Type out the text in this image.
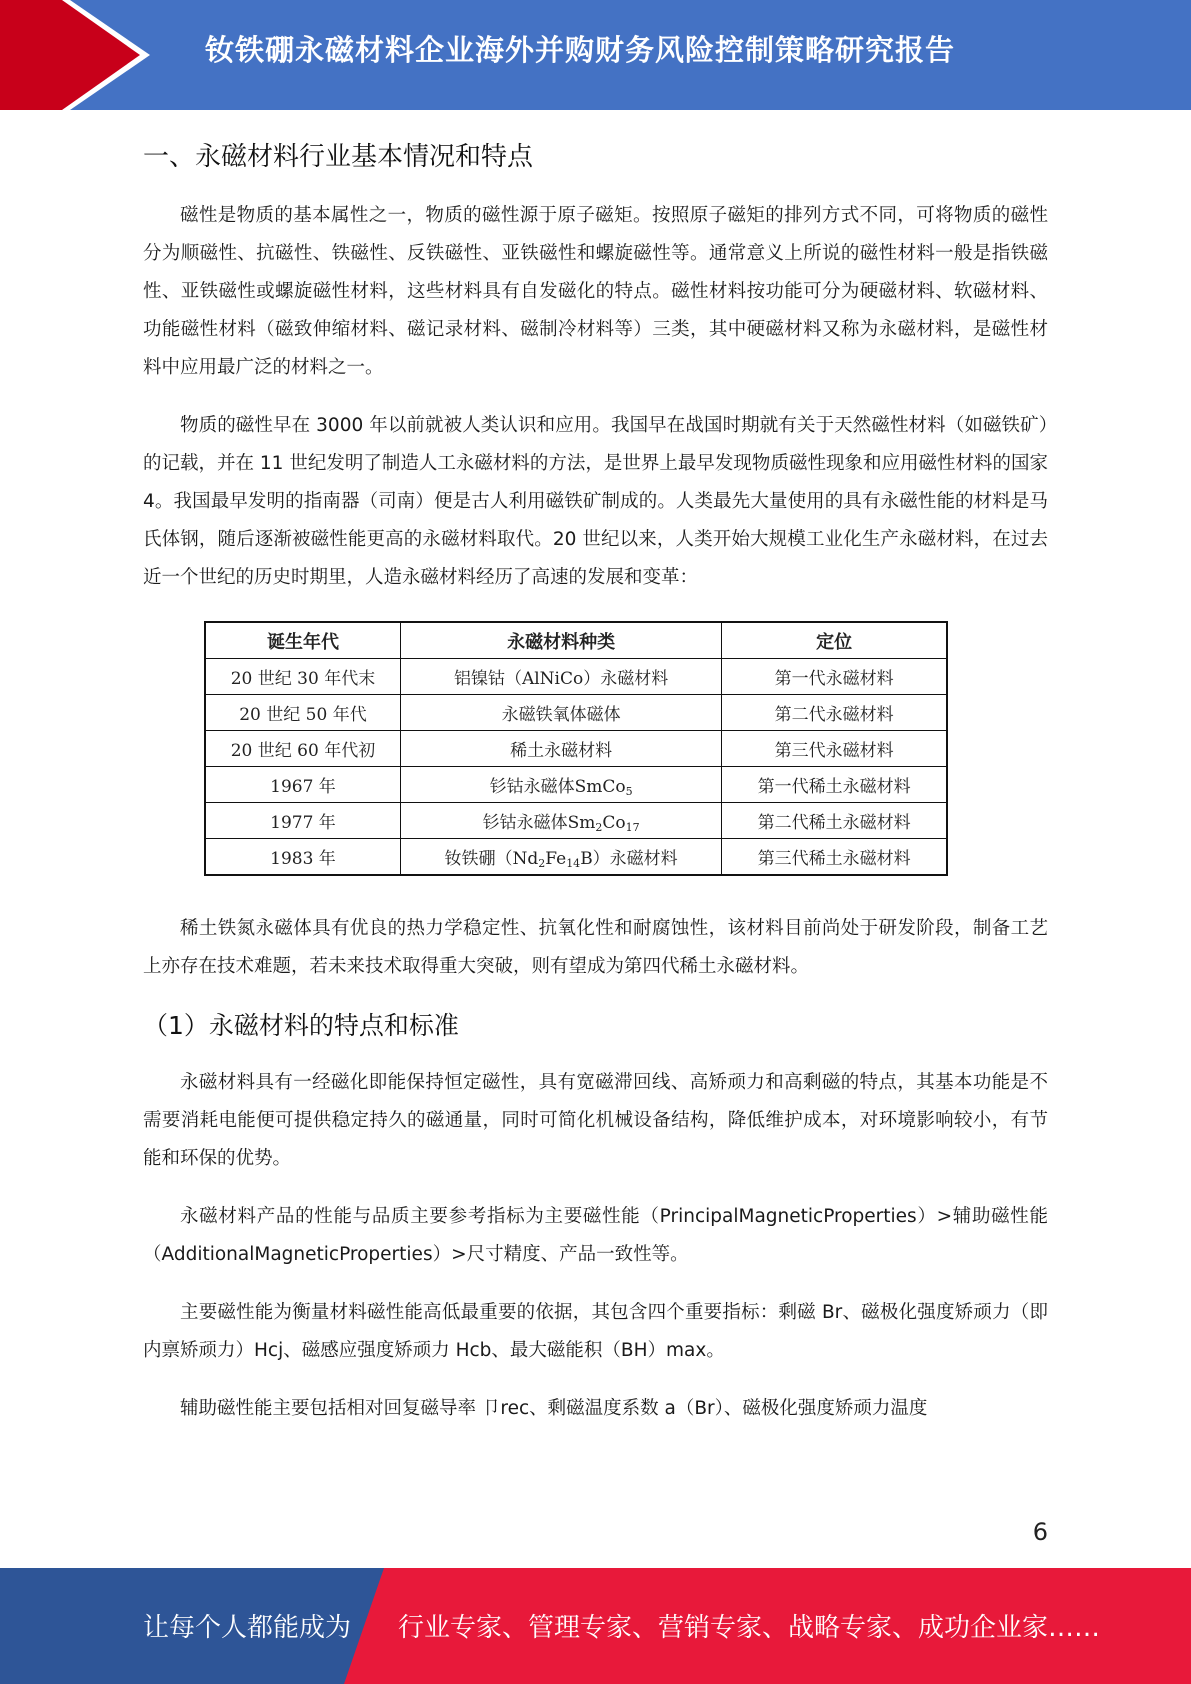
钕铁硼永磁材料企业海外并购财务风险控制策略研究报告
一、永磁材料行业基本情况和特点

磁性是物质的基本属性之一，物质的磁性源于原子磁矩。按照原子磁矩的排列方式不同，可将物质的磁性分为顺磁性、抗磁性、铁磁性、反铁磁性、亚铁磁性和螺旋磁性等。通常意义上所说的磁性材料一般是指铁磁性、亚铁磁性或螺旋磁性材料，这些材料具有自发磁化的特点。磁性材料按功能可分为硬磁材料、软磁材料、功能磁性材料（磁致伸缩材料、磁记录材料、磁制冷材料等）三类，其中硬磁材料又称为永磁材料，是磁性材料中应用最广泛的材料之一。

物质的磁性早在 3000 年以前就被人类认识和应用。我国早在战国时期就有关于天然磁性材料（如磁铁矿）的记载，并在 11 世纪发明了制造人工永磁材料的方法，是世界上最早发现物质磁性现象和应用磁性材料的国家 4。我国最早发明的指南器（司南）便是古人利用磁铁矿制成的。人类最先大量使用的具有永磁性能的材料是马氏体钢，随后逐渐被磁性能更高的永磁材料取代。20 世纪以来，人类开始大规模工业化生产永磁材料，在过去近一个世纪的历史时期里，人造永磁材料经历了高速的发展和变革：

诞生年代	永磁材料种类	定位
20 世纪 30 年代末	铝镍钴（AlNiCo）永磁材料	第一代永磁材料
20 世纪 50 年代	永磁铁氧体磁体	第二代永磁材料
20 世纪 60 年代初	稀土永磁材料	第三代永磁材料
1967 年	钐钴永磁体SmCo$_5$	第一代稀土永磁材料
1977 年	钐钴永磁体$Sm_2Co_{17}$	第二代稀土永磁材料
1983 年	钕铁硼$(Nd_2Fe_{14}B)$永磁材料	第三代稀土永磁材料

稀土铁氮永磁体具有优良的热力学稳定性、抗氧化性和耐腐蚀性，该材料目前尚处于研发阶段，制备工艺上亦存在技术难题，若未来技术取得重大突破，则有望成为第四代稀土永磁材料。

（1）永磁材料的特点和标准

永磁材料具有一经磁化即能保持恒定磁性，具有宽磁滞回线、高矫顽力和高剩磁的特点，其基本功能是不需要消耗电能便可提供稳定持久的磁通量，同时可简化机械设备结构，降低维护成本，对环境影响较小，有节能和环保的优势。

永磁材料产品的性能与品质主要参考指标为主要磁性能（PrincipalMagneticProperties）>辅助磁性能（AdditionalMagneticProperties）>尺寸精度、产品一致性等。

主要磁性能为衡量材料磁性能高低最重要的依据，其包含四个重要指标：剩磁 Br、磁极化强度矫顽力（即内禀矫顽力）Hcj、磁感应强度矫顽力 Hcb、最大磁能积（BH）max。

辅助磁性能主要包括相对回复磁导率 卩rec、剩磁温度系数 a（Br）、磁极化强度矫顽力温度

6
让每个人都能成为 行业专家、管理专家、营销专家、战略专家、成功企业家……
